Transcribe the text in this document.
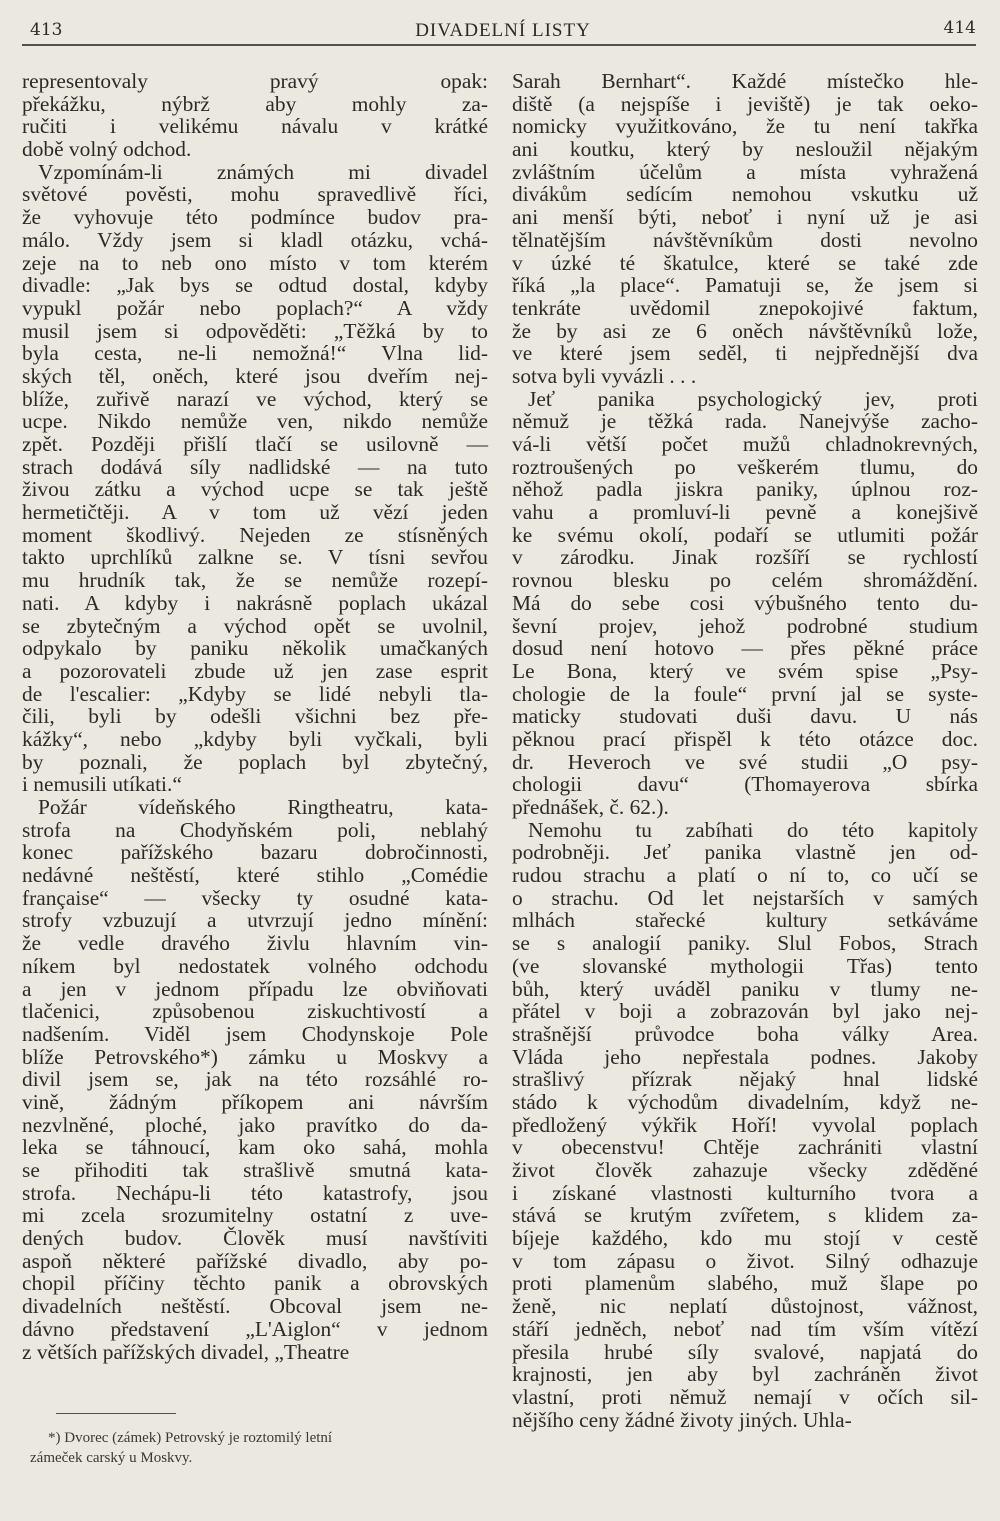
413	DIVADELNÍ LISTY	414
representovaly pravý opak:
překážku, nýbrž aby mohly za-
ručiti i velikému návalu v krátké
době volný odchod.
Vzpomínám-li známých mi divadel
světové pověsti, mohu spravedlivě říci,
že vyhovuje této podmínce budov pra-
málo. Vždy jsem si kladl otázku, vchá-
zeje na to neb ono místo v tom kterém
divadle: „Jak bys se odtud dostal, kdyby
vypukl požár nebo poplach?“ A vždy
musil jsem si odpověděti: „Těžká by to
byla cesta, ne-li nemožná!“ Vlna lid-
ských těl, oněch, které jsou dveřím nej-
blíže, zuřivě narazí ve východ, který se
ucpe. Nikdo nemůže ven, nikdo nemůže
zpět. Později přišlí tlačí se usilovně —
strach dodává síly nadlidské — na tuto
živou zátku a východ ucpe se tak ještě
hermetičtěji. A v tom už vězí jeden
moment škodlivý. Nejeden ze stísněných
takto uprchlíků zalkne se. V tísni sevřou
mu hrudník tak, že se nemůže rozepí-
nati. A kdyby i nakrásně poplach ukázal
se zbytečným a východ opět se uvolnil,
odpykalo by paniku několik umačkaných
a pozorovateli zbude už jen zase esprit
de l'escalier: „Kdyby se lidé nebyli tla-
čili, byli by odešli všichni bez pře-
kážky“, nebo „kdyby byli vyčkali, byli
by poznali, že poplach byl zbytečný,
i nemusili utíkati.“
Požár vídeňského Ringtheatru, kata-
strofa na Chodyňském poli, neblahý
konec pařížského bazaru dobročinnosti,
nedávné neštěstí, které stihlo „Comédie
française“ — všecky ty osudné kata-
strofy vzbuzují a utvrzují jedno mínění:
že vedle dravého živlu hlavním vin-
níkem byl nedostatek volného odchodu
a jen v jednom případu lze obviňovati
tlačenici, způsobenou ziskuchtivostí a
nadšením. Viděl jsem Chodynskoje Pole
blíže Petrovského*) zámku u Moskvy a
divil jsem se, jak na této rozsáhlé ro-
vině, žádným příkopem ani návrším
nezvlněné, ploché, jako pravítko do da-
leka se táhnoucí, kam oko sahá, mohla
se přihoditi tak strašlivě smutná kata-
strofa. Nechápu-li této katastrofy, jsou
mi zcela srozumitelny ostatní z uve-
dených budov. Člověk musí navštíviti
aspoň některé pařížské divadlo, aby po-
chopil příčiny těchto panik a obrovských
divadelních neštěstí. Obcoval jsem ne-
dávno představení „L'Aiglon“ v jednom
z větších pařížských divadel, „Theatre
Sarah Bernhart“. Každé místečko hle-
diště (a nejspíše i jeviště) je tak oeko-
nomicky využitkováno, že tu není takřka
ani koutku, který by nesloužil nějakým
zvláštním účelům a místa vyhražená
divákům sedícím nemohou vskutku už
ani menší býti, neboť i nyní už je asi
tělnatějším návštěvníkům dosti nevolno
v úzké té škatulce, které se také zde
říká „la place“. Pamatuji se, že jsem si
tenkráte uvědomil znepokojivé faktum,
že by asi ze 6 oněch návštěvníků lože,
ve které jsem seděl, ti nejpřednější dva
sotva byli vyvázli . . .
Jeť panika psychologický jev, proti
němuž je těžká rada. Nanejvýše zacho-
vá-li větší počet mužů chladnokrevných,
roztroušených po veškerém tlumu, do
něhož padla jiskra paniky, úplnou roz-
vahu a promluví-li pevně a konejšivě
ke svému okolí, podaří se utlumiti požár
v zárodku. Jinak rozšíří se rychlostí
rovnou blesku po celém shromáždění.
Má do sebe cosi výbušného tento du-
ševní projev, jehož podrobné studium
dosud není hotovo — přes pěkné práce
Le Bona, který ve svém spise „Psy-
chologie de la foule“ první jal se syste-
maticky studovati duši davu. U nás
pěknou prací přispěl k této otázce doc.
dr. Heveroch ve své studii „O psy-
chologii davu“ (Thomayerova sbírka
přednášek, č. 62.).
Nemohu tu zabíhati do této kapitoly
podrobněji. Jeť panika vlastně jen od-
rudou strachu a platí o ní to, co učí se
o strachu. Od let nejstarších v samých
mlhách stařecké kultury setkáváme
se s analogií paniky. Slul Fobos, Strach
(ve slovanské mythologii Třas) tento
bůh, který uváděl paniku v tlumy ne-
přátel v boji a zobrazován byl jako nej-
strašnější průvodce boha války Area.
Vláda jeho nepřestala podnes. Jakoby
strašlivý přízrak nějaký hnal lidské
stádo k východům divadelním, když ne-
předložený výkřik Hoří! vyvolal poplach
v obecenstvu! Chtěje zachrániti vlastní
život člověk zahazuje všecky zděděné
i získané vlastnosti kulturního tvora a
stává se krutým zvířetem, s klidem za-
bíjeje každého, kdo mu stojí v cestě
v tom zápasu o život. Silný odhazuje
proti plamenům slabého, muž šlape po
ženě, nic neplatí důstojnost, vážnost,
stáří jedněch, neboť nad tím vším vítězí
přesila hrubé síly svalové, napjatá do
krajnosti, jen aby byl zachráněn život
vlastní, proti němuž nemají v očích sil-
nějšího ceny žádné životy jiných. Uhla-
*) Dvorec (zámek) Petrovský je roztomilý letní
zámeček carský u Moskvy.
